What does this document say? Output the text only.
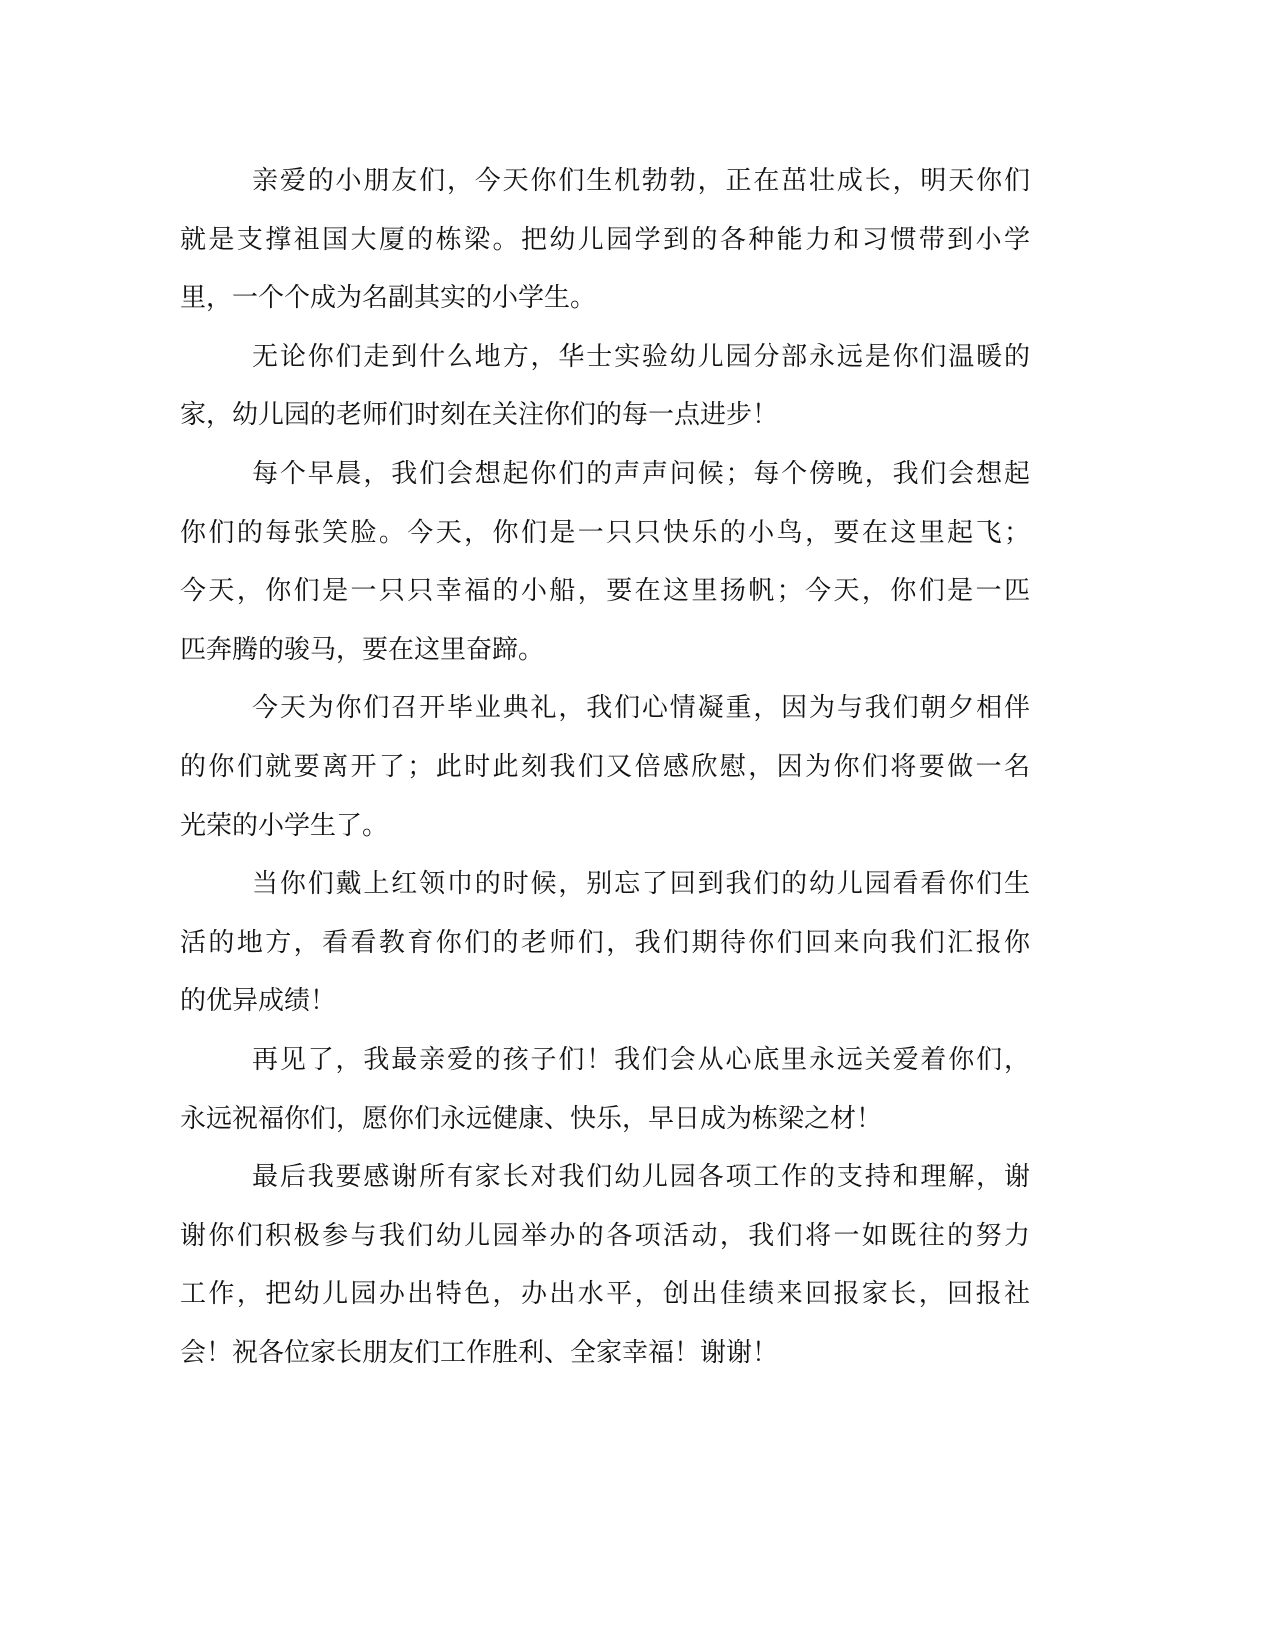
亲爱的小朋友们，今天你们生机勃勃，正在茁壮成长，明天你们
就是支撑祖国大厦的栋梁。把幼儿园学到的各种能力和习惯带到小学
里，一个个成为名副其实的小学生。
无论你们走到什么地方，华士实验幼儿园分部永远是你们温暖的
家，幼儿园的老师们时刻在关注你们的每一点进步！
每个早晨，我们会想起你们的声声问候；每个傍晚，我们会想起
你们的每张笑脸。今天，你们是一只只快乐的小鸟，要在这里起飞；
今天，你们是一只只幸福的小船，要在这里扬帆；今天，你们是一匹
匹奔腾的骏马，要在这里奋蹄。
今天为你们召开毕业典礼，我们心情凝重，因为与我们朝夕相伴
的你们就要离开了；此时此刻我们又倍感欣慰，因为你们将要做一名
光荣的小学生了。
当你们戴上红领巾的时候，别忘了回到我们的幼儿园看看你们生
活的地方，看看教育你们的老师们，我们期待你们回来向我们汇报你
的优异成绩！
再见了，我最亲爱的孩子们！我们会从心底里永远关爱着你们，
永远祝福你们，愿你们永远健康、快乐，早日成为栋梁之材！
最后我要感谢所有家长对我们幼儿园各项工作的支持和理解，谢
谢你们积极参与我们幼儿园举办的各项活动，我们将一如既往的努力
工作，把幼儿园办出特色，办出水平，创出佳绩来回报家长，回报社
会！祝各位家长朋友们工作胜利、全家幸福！谢谢！
